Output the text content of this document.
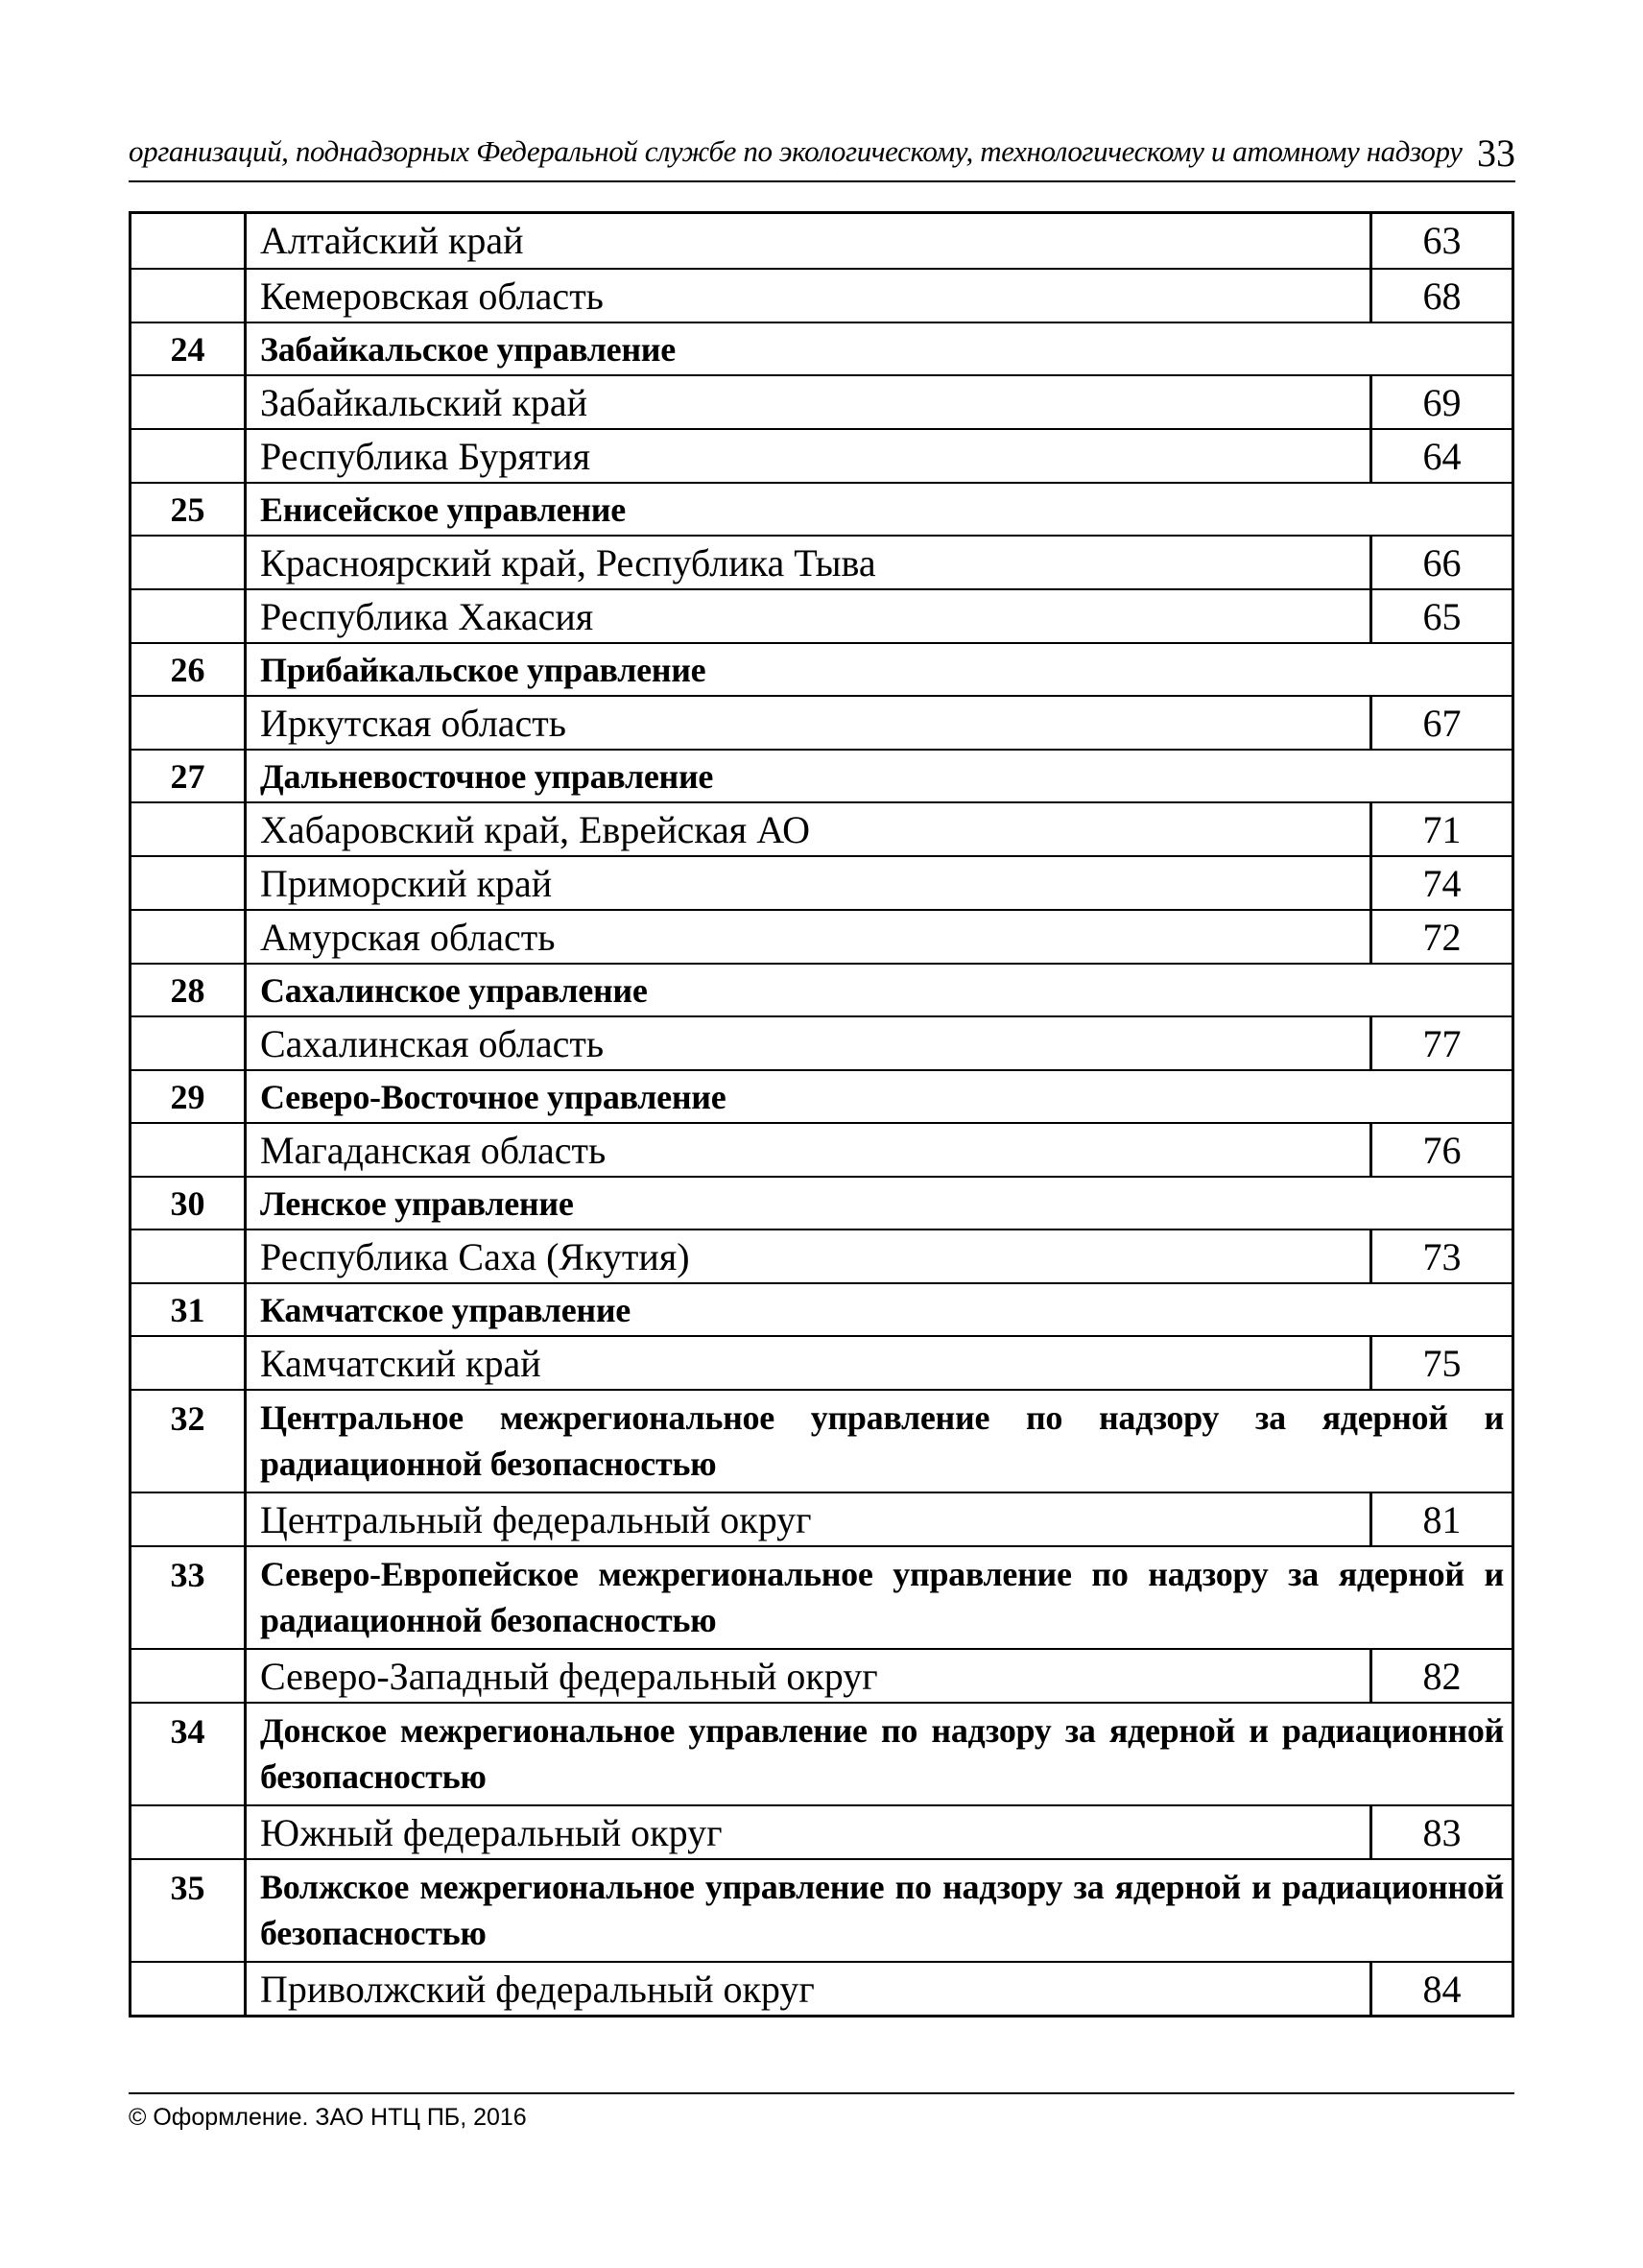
организаций, поднадзорных Федеральной службе по экологическому, технологическому и атомному надзору 33
Алтайский край	63
Кемеровская область	68
24	Забайкальское управление
Забайкальский край	69
Республика Бурятия	64
25	Енисейское управление
Красноярский край, Республика Тыва	66
Республика Хакасия	65
26	Прибайкальское управление
Иркутская область	67
27	Дальневосточное управление
Хабаровский край, Еврейская АО	71
Приморский край	74
Амурская область	72
28	Сахалинское управление
Сахалинская область	77
29	Северо-Восточное управление
Магаданская область	76
30	Ленское управление
Республика Саха (Якутия)	73
31	Камчатское управление
Камчатский край	75
32	Центральное межрегиональное управление по надзору за ядерной и радиационной безопасностью
Центральный федеральный округ	81
33	Северо-Европейское межрегиональное управление по надзору за ядерной и радиационной безопасностью
Северо-Западный федеральный округ	82
34	Донское межрегиональное управление по надзору за ядерной и радиационной безопасностью
Южный федеральный округ	83
35	Волжское межрегиональное управление по надзору за ядерной и радиационной безопасностью
Приволжский федеральный округ	84
© Оформление. ЗАО НТЦ ПБ, 2016
